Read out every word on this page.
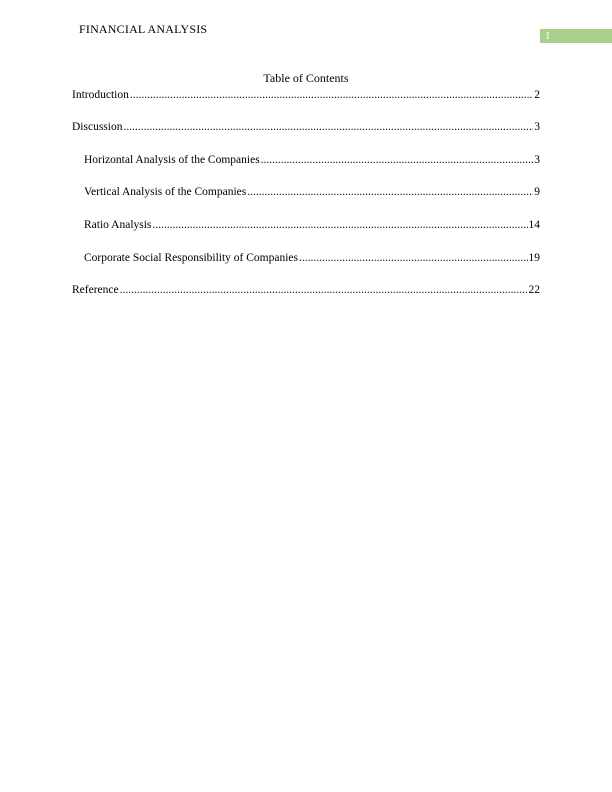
FINANCIAL ANALYSIS	1
Table of Contents
Introduction .....	2
Discussion .....	3
Horizontal Analysis of the Companies .....	3
Vertical Analysis of the Companies .....	9
Ratio Analysis .....	14
Corporate Social Responsibility of Companies .....	19
Reference .....	22
